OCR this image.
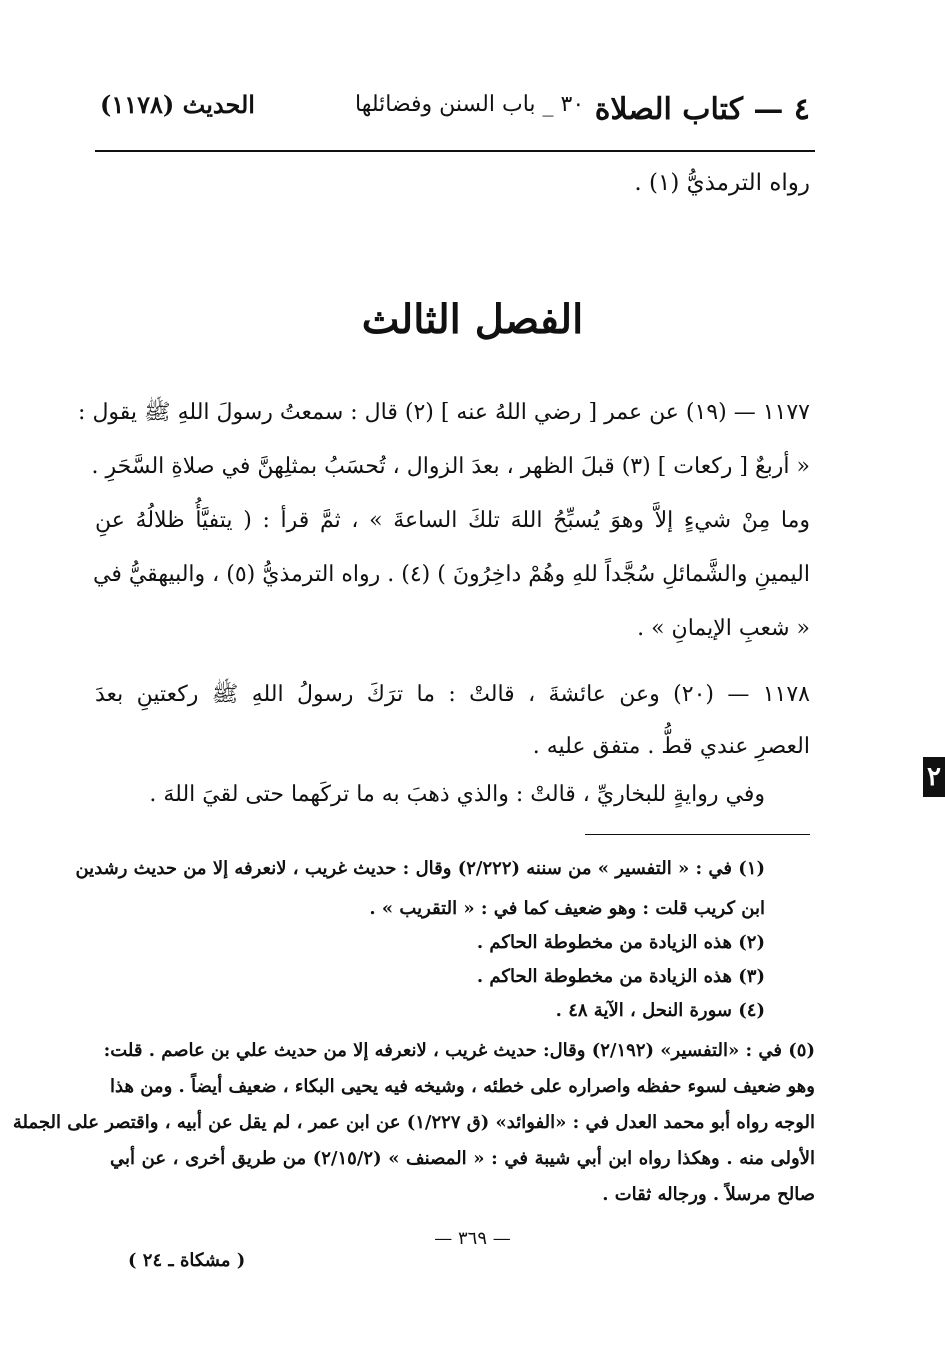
٤ — كتاب الصلاة
٣٠ _ باب السنن وفضائلها
الحديث (١١٧٨)
رواه الترمذيُّ (١) .
الفصل الثالث
١١٧٧ — (١٩) عن عمر [ رضي اللهُ عنه ] (٢) قال : سمعتُ رسولَ اللهِ ﷺ يقول :
« أربعٌ [ ركعات ] (٣) قبلَ الظهر ، بعدَ الزوال ، تُحسَبُ بمثلِهنَّ في صلاةِ السَّحَرِ .
وما مِنْ شيءٍ إلاَّ وهوَ يُسبِّحُ اللهَ تلكَ الساعةَ » ، ثمَّ قرأ : ( يتفيَّأُ ظلالُهُ عنِ
اليمينِ والشَّمائلِ سُجَّداً للهِ وهُمْ داخِرُونَ ) (٤) . رواه الترمذيُّ (٥) ، والبيهقيُّ في
« شعبِ الإيمانِ » .
١١٧٨ — (٢٠) وعن عائشةَ ، قالتْ : ما ترَكَ رسولُ اللهِ ﷺ ركعتينِ بعدَ
العصرِ عندي قطُّ . متفق عليه .
وفي روايةٍ للبخاريِّ ، قالتْ : والذي ذهبَ به ما تركَهما حتى لقيَ اللهَ .
(١) في : « التفسير » من سننه (٢/٢٢٢) وقال : حديث غريب ، لانعرفه إلا من حديث رشدين
ابن كريب قلت : وهو ضعيف كما في : « التقريب » .
(٢) هذه الزيادة من مخطوطة الحاكم .
(٣) هذه الزيادة من مخطوطة الحاكم .
(٤) سورة النحل ، الآية ٤٨ .
(٥) في : «التفسير» (٢/١٩٢) وقال: حديث غريب ، لانعرفه إلا من حديث علي بن عاصم . قلت:
وهو ضعيف لسوء حفظه واصراره على خطئه ، وشيخه فيه يحيى البكاء ، ضعيف أيضاً . ومن هذا
الوجه رواه أبو محمد العدل في : «الفوائد» (ق ١/٢٢٧) عن ابن عمر ، لم يقل عن أبيه ، واقتصر على الجملة
الأولى منه . وهكذا رواه ابن أبي شيبة في : « المصنف » (٢/١٥/٢) من طريق أخرى ، عن أبي
صالح مرسلاً . ورجاله ثقات .
— ٣٦٩ —
( مشكاة ـ ٢٤ )
٢
